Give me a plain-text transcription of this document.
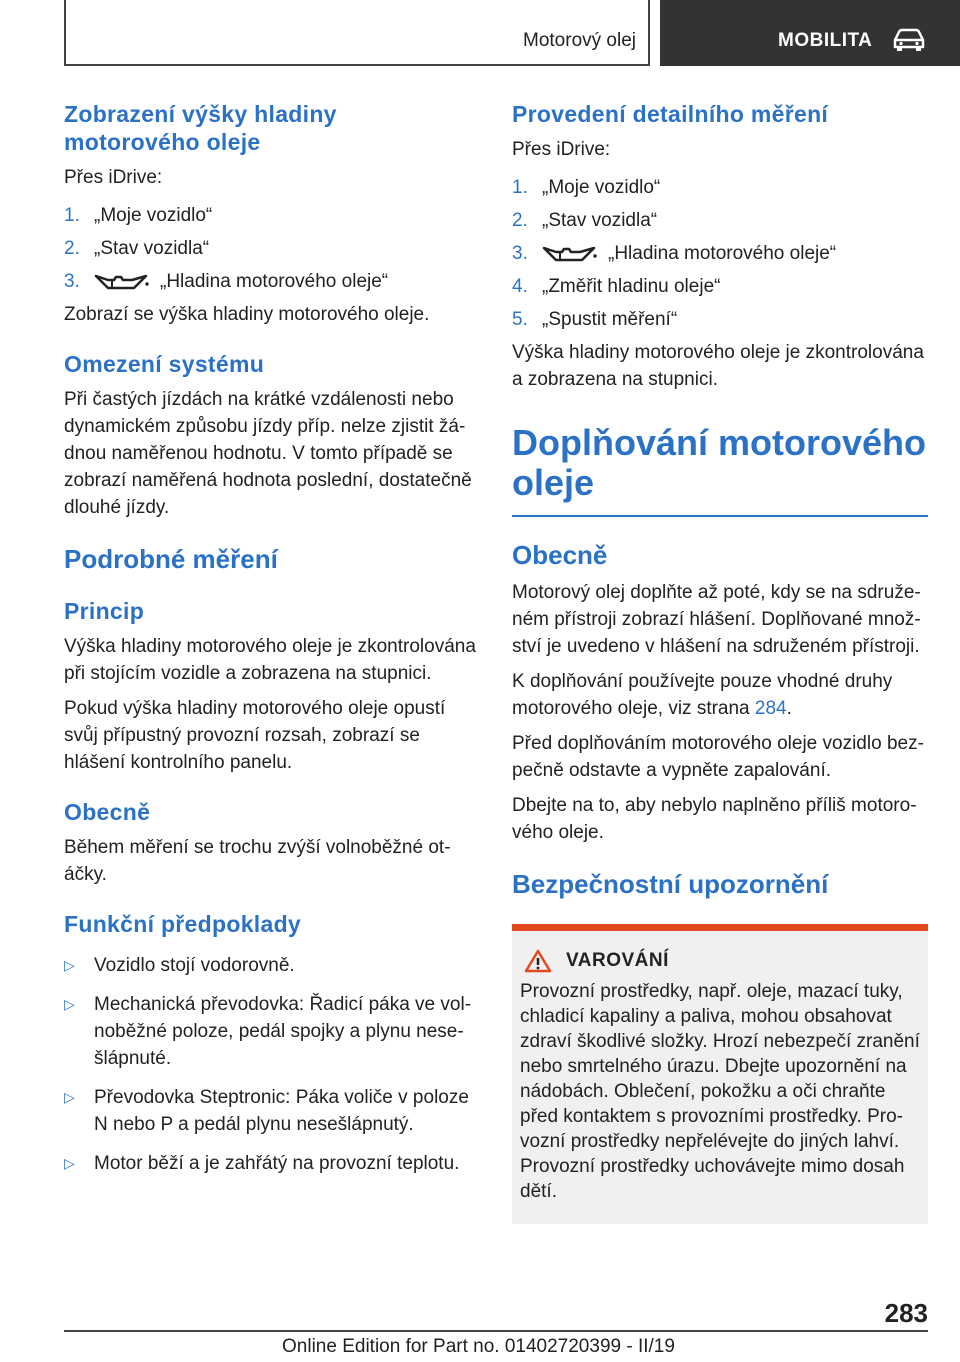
Motorový olej	MOBILITA
Zobrazení výšky hladiny
motorového oleje
Přes iDrive:
1. „Moje vozidlo“
2. „Stav vozidla“
3.	„Hladina motorového oleje“
Zobrazí se výška hladiny motorového oleje.
Omezení systému
Při častých jízdách na krátké vzdálenosti nebo dynamickém způsobu jízdy příp. nelze zjistit žádnou naměřenou hodnotu. V tomto případě se zobrazí naměřená hodnota poslední, dostatečně dlouhé jízdy.
Podrobné měření
Princip
Výška hladiny motorového oleje je zkontrolována při stojícím vozidle a zobrazena na stupnici.
Pokud výška hladiny motorového oleje opustí svůj přípustný provozní rozsah, zobrazí se hlášení kontrolního panelu.
Obecně
Během měření se trochu zvýší volnoběžné otáčky.
Funkční předpoklady
▷ Vozidlo stojí vodorovně.
▷ Mechanická převodovka: Řadicí páka ve volnoběžné poloze, pedál spojky a plynu nesešlápnuté.
▷ Převodovka Steptronic: Páka voliče v poloze N nebo P a pedál plynu nesešlápnutý.
▷ Motor běží a je zahřátý na provozní teplotu.
Provedení detailního měření
Přes iDrive:
1. „Moje vozidlo“
2. „Stav vozidla“
3.	„Hladina motorového oleje“
4. „Změřit hladinu oleje“
5. „Spustit měření“
Výška hladiny motorového oleje je zkontrolována a zobrazena na stupnici.
Doplňování motorového
oleje
Obecně
Motorový olej doplňte až poté, kdy se na sdruženém přístroji zobrazí hlášení. Doplňované množství je uvedeno v hlášení na sdruženém přístroji.
K doplňování používejte pouze vhodné druhy motorového oleje, viz strana 284.
Před doplňováním motorového oleje vozidlo bezpečně odstavte a vypněte zapalování.
Dbejte na to, aby nebylo naplněno příliš motorového oleje.
Bezpečnostní upozornění
VAROVÁNÍ
Provozní prostředky, např. oleje, mazací tuky, chladicí kapaliny a paliva, mohou obsahovat zdraví škodlivé složky. Hrozí nebezpečí zranění nebo smrtelného úrazu. Dbejte upozornění na nádobách. Oblečení, pokožku a oči chraňte před kontaktem s provozními prostředky. Provozní prostředky nepřelévejte do jiných lahví. Provozní prostředky uchovávejte mimo dosah dětí.
283
Online Edition for Part no. 01402720399 - II/19
